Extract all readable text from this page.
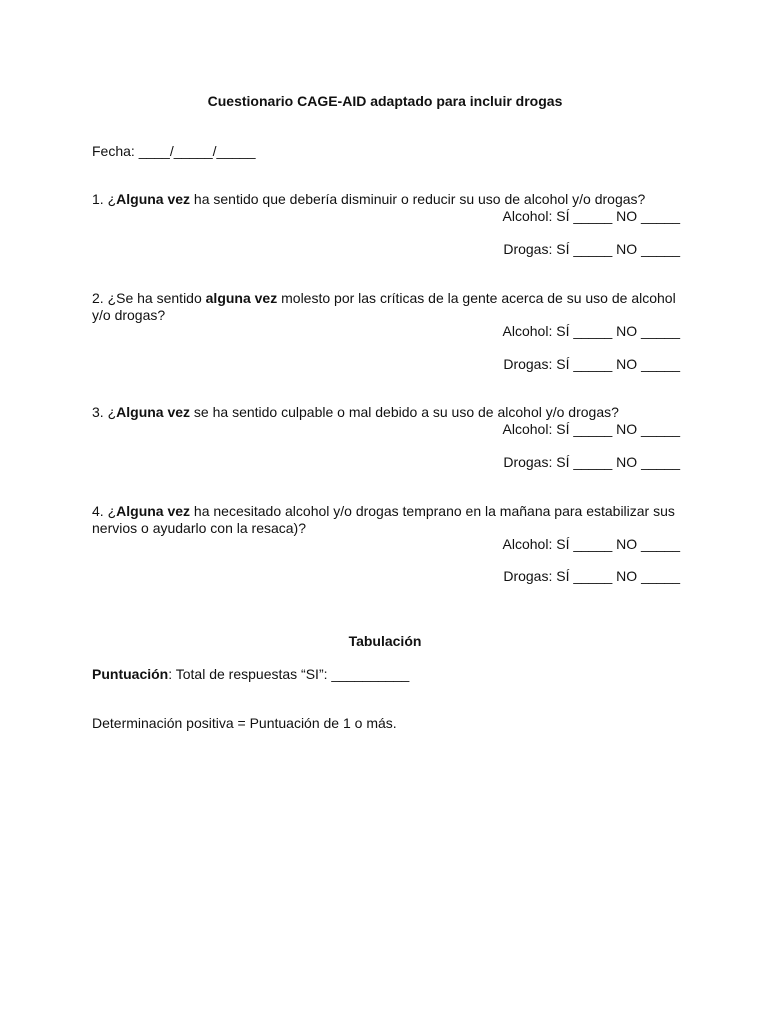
Cuestionario CAGE-AID adaptado para incluir drogas
Fecha: ____/_____/_____
1. ¿Alguna vez ha sentido que debería disminuir o reducir su uso de alcohol y/o drogas?
Alcohol: SÍ _____ NO _____
Drogas: SÍ _____ NO _____
2. ¿Se ha sentido alguna vez molesto por las críticas de la gente acerca de su uso de alcohol y/o drogas?
Alcohol: SÍ _____ NO _____
Drogas: SÍ _____ NO _____
3. ¿Alguna vez se ha sentido culpable o mal debido a su uso de alcohol y/o drogas?
Alcohol: SÍ _____ NO _____
Drogas: SÍ _____ NO _____
4. ¿Alguna vez ha necesitado alcohol y/o drogas temprano en la mañana para estabilizar sus nervios o ayudarlo con la resaca)?
Alcohol: SÍ _____ NO _____
Drogas: SÍ _____ NO _____
Tabulación
Puntuación: Total de respuestas “SI”: __________
Determinación positiva = Puntuación de 1 o más.
